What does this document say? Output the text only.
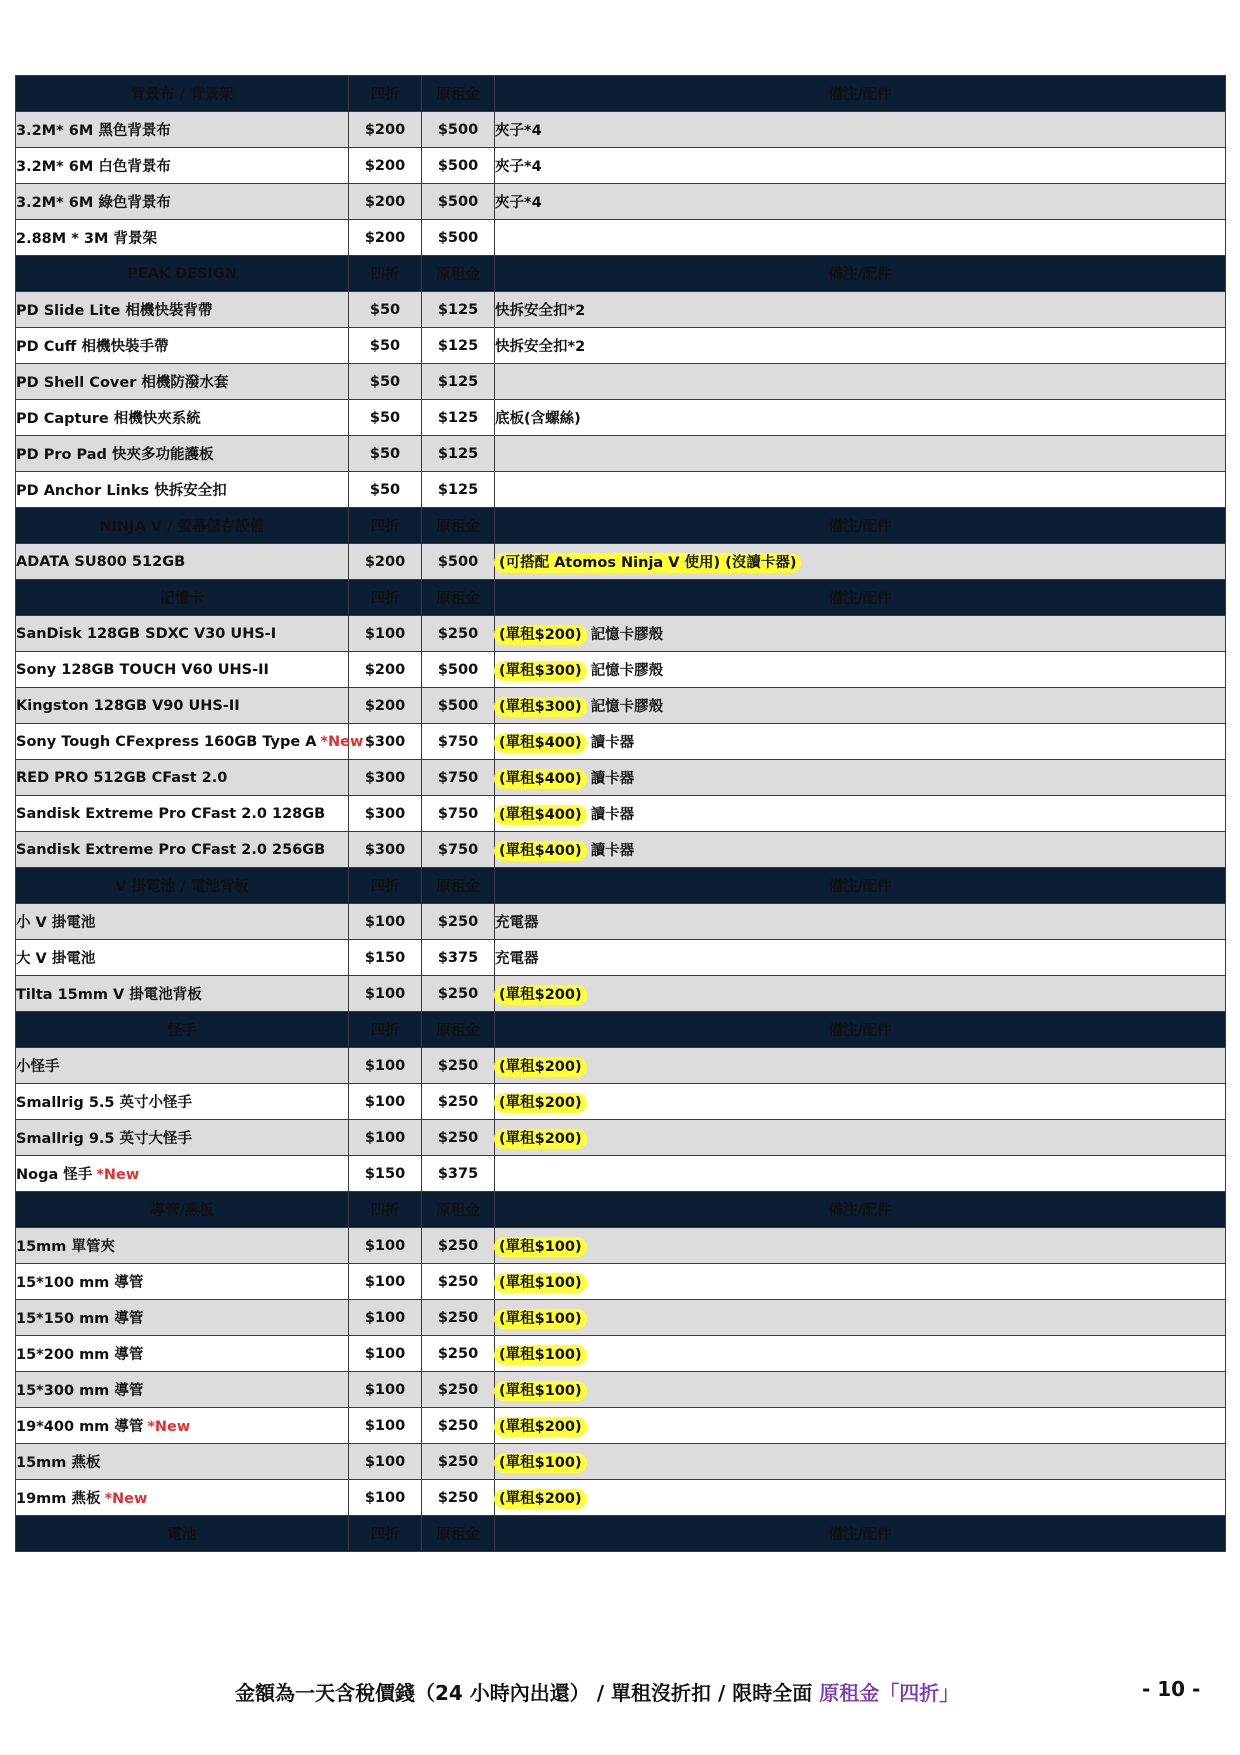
背景布 / 背景架	四折	原租金	備注/配件
3.2M* 6M 黑色背景布	$200	$500	夾子*4
3.2M* 6M 白色背景布	$200	$500	夾子*4
3.2M* 6M 綠色背景布	$200	$500	夾子*4
2.88M * 3M 背景架	$200	$500	
PEAK DESIGN	四折	原租金	備注/配件
PD Slide Lite 相機快裝背帶	$50	$125	快拆安全扣*2
PD Cuff 相機快裝手帶	$50	$125	快拆安全扣*2
PD Shell Cover 相機防潑水套	$50	$125	
PD Capture 相機快夾系統	$50	$125	底板(含螺絲)
PD Pro Pad 快夾多功能護板	$50	$125	
PD Anchor Links 快拆安全扣	$50	$125	
NINJA V / 螢幕儲存設備	四折	原租金	備注/配件
ADATA SU800 512GB	$200	$500	(可搭配 Atomos Ninja V 使用) (沒讀卡器)
記憶卡	四折	原租金	備注/配件
SanDisk 128GB SDXC V30 UHS-I	$100	$250	(單租$200) 記憶卡膠殼
Sony 128GB TOUCH V60 UHS-II	$200	$500	(單租$300) 記憶卡膠殼
Kingston 128GB V90 UHS-II	$200	$500	(單租$300) 記憶卡膠殼
Sony Tough CFexpress 160GB Type A *New	$300	$750	(單租$400) 讀卡器
RED PRO 512GB CFast 2.0	$300	$750	(單租$400) 讀卡器
Sandisk Extreme Pro CFast 2.0 128GB	$300	$750	(單租$400) 讀卡器
Sandisk Extreme Pro CFast 2.0 256GB	$300	$750	(單租$400) 讀卡器
V 掛電池 / 電池背板	四折	原租金	備注/配件
小 V 掛電池	$100	$250	充電器
大 V 掛電池	$150	$375	充電器
Tilta 15mm V 掛電池背板	$100	$250	(單租$200)
怪手	四折	原租金	備注/配件
小怪手	$100	$250	(單租$200)
Smallrig 5.5 英寸小怪手	$100	$250	(單租$200)
Smallrig 9.5 英寸大怪手	$100	$250	(單租$200)
Noga 怪手 *New	$150	$375	
導管/燕板	四折	原租金	備注/配件
15mm 單管夾	$100	$250	(單租$100)
15*100 mm 導管	$100	$250	(單租$100)
15*150 mm 導管	$100	$250	(單租$100)
15*200 mm 導管	$100	$250	(單租$100)
15*300 mm 導管	$100	$250	(單租$100)
19*400 mm 導管 *New	$100	$250	(單租$200)
15mm 燕板	$100	$250	(單租$100)
19mm 燕板 *New	$100	$250	(單租$200)
電池	四折	原租金	備注/配件
金額為一天含稅價錢（24 小時內出還） / 單租沒折扣 / 限時全面 原租金「四折」	- 10 -
